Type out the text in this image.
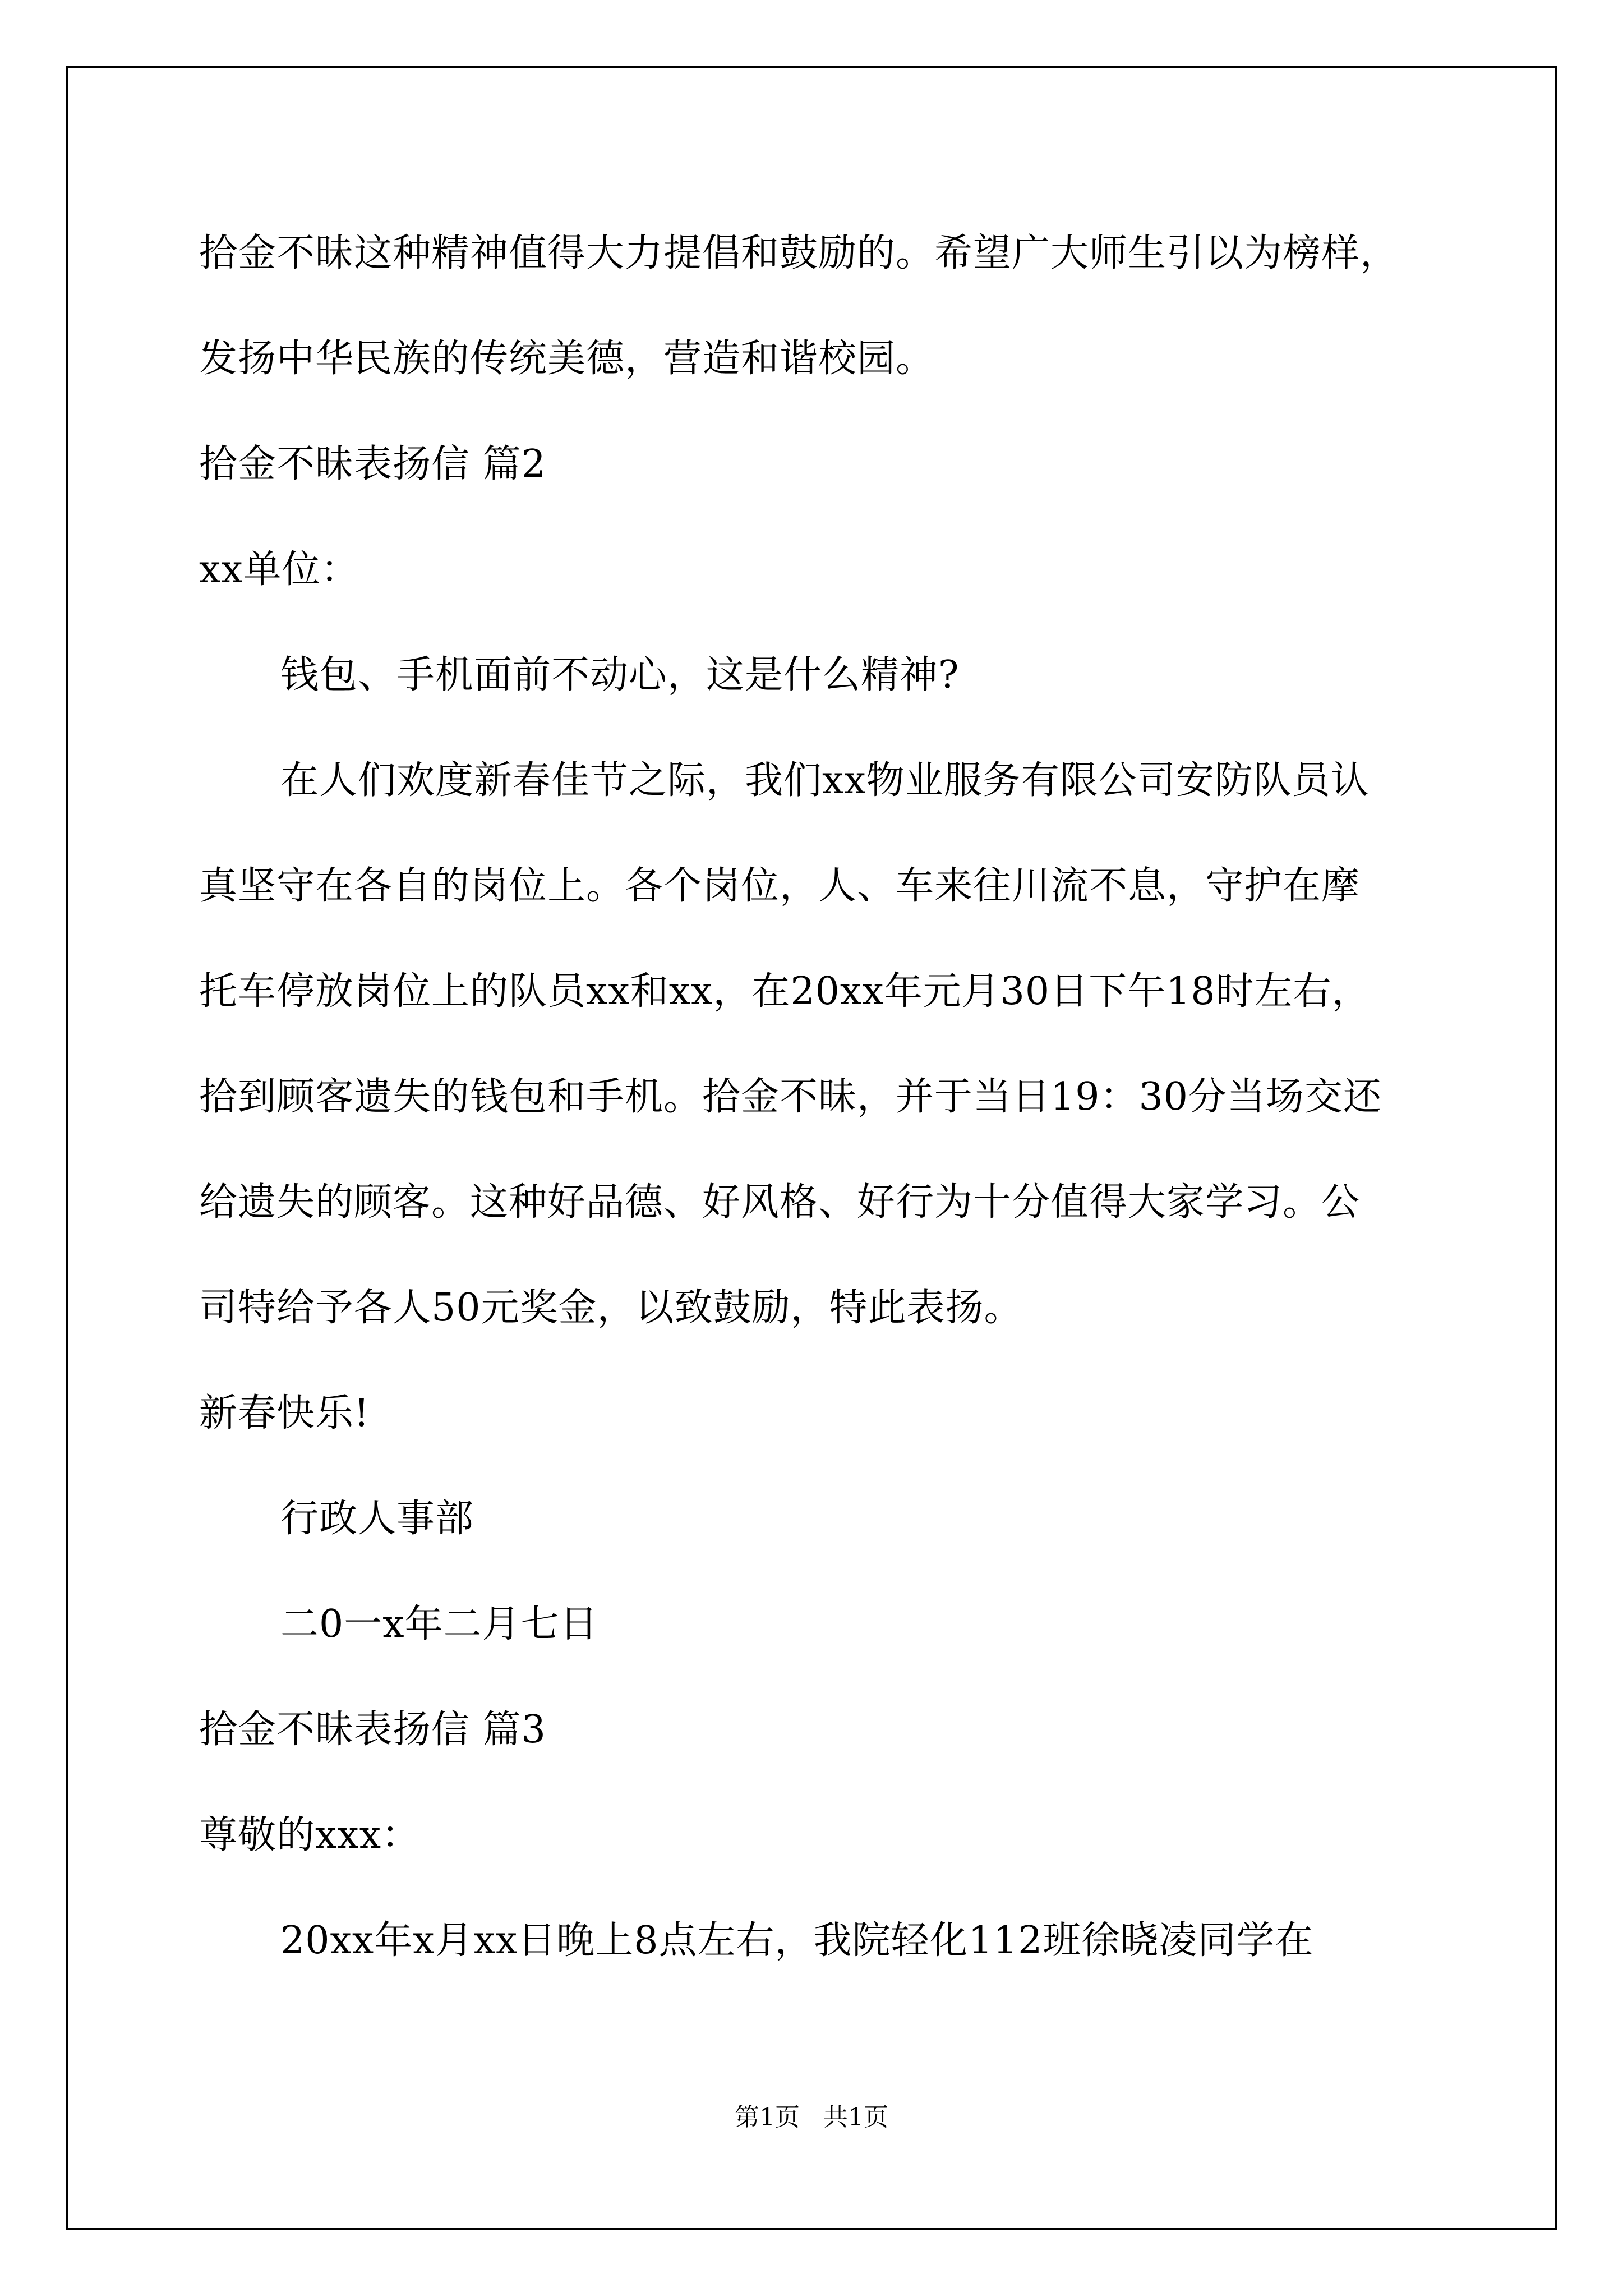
拾金不昧这种精神值得大力提倡和鼓励的。希望广大师生引以为榜样，
发扬中华民族的传统美德，营造和谐校园。
拾金不昧表扬信 篇2
xx单位：
钱包、手机面前不动心，这是什么精神?
在人们欢度新春佳节之际，我们xx物业服务有限公司安防队员认
真坚守在各自的岗位上。各个岗位，人、车来往川流不息，守护在摩
托车停放岗位上的队员xx和xx，在20xx年元月30日下午18时左右，
拾到顾客遗失的钱包和手机。拾金不昧，并于当日19：30分当场交还
给遗失的顾客。这种好品德、好风格、好行为十分值得大家学习。公
司特给予各人50元奖金，以致鼓励，特此表扬。
新春快乐!
行政人事部
二0一x年二月七日
拾金不昧表扬信 篇3
尊敬的xxx：
20xx年x月xx日晚上8点左右，我院轻化112班徐晓凌同学在
第1页   共1页
